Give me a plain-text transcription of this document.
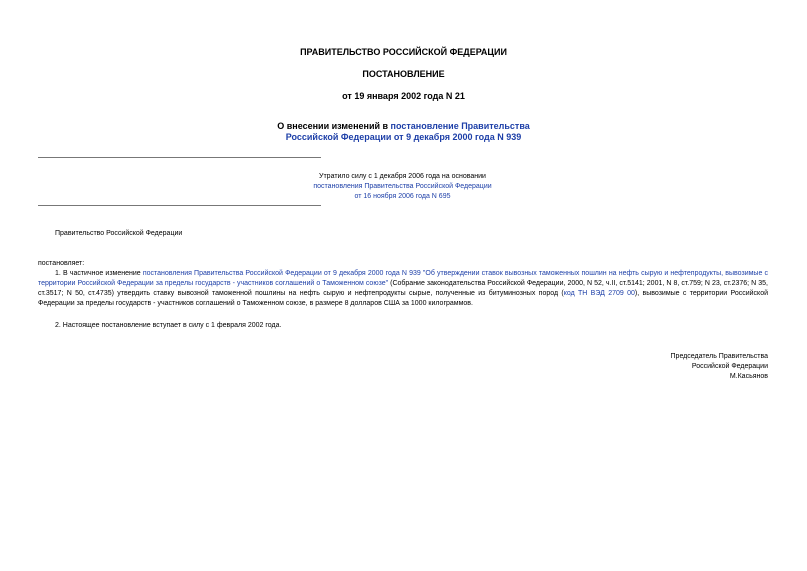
ПРАВИТЕЛЬСТВО РОССИЙСКОЙ ФЕДЕРАЦИИ
ПОСТАНОВЛЕНИЕ
от 19 января 2002 года N 21
О внесении изменений в постановление Правительства
Российской Федерации от 9 декабря 2000 года N 939
Утратило силу с 1 декабря 2006 года на основании
постановления Правительства Российской Федерации
от 16 ноября 2006 года N 695
Правительство Российской Федерации
постановляет:
1. В частичное изменение постановления Правительства Российской Федерации от 9 декабря 2000 года N 939 "Об утверждении ставок вывозных таможенных пошлин на нефть сырую и нефтепродукты, вывозимые с территории Российской Федерации за пределы государств - участников соглашений о Таможенном союзе" (Собрание законодательства Российской Федерации, 2000, N 52, ч.II, ст.5141; 2001, N 8, ст.759; N 23, ст.2376; N 35, ст.3517; N 50, ст.4735) утвердить ставку вывозной таможенной пошлины на нефть сырую и нефтепродукты сырые, полученные из битуминозных пород (код ТН ВЭД 2709 00), вывозимые с территории Российской Федерации за пределы государств - участников соглашений о Таможенном союзе, в размере 8 долларов США за 1000 килограммов.
2. Настоящее постановление вступает в силу с 1 февраля 2002 года.
Председатель Правительства
Российской Федерации
М.Касьянов
